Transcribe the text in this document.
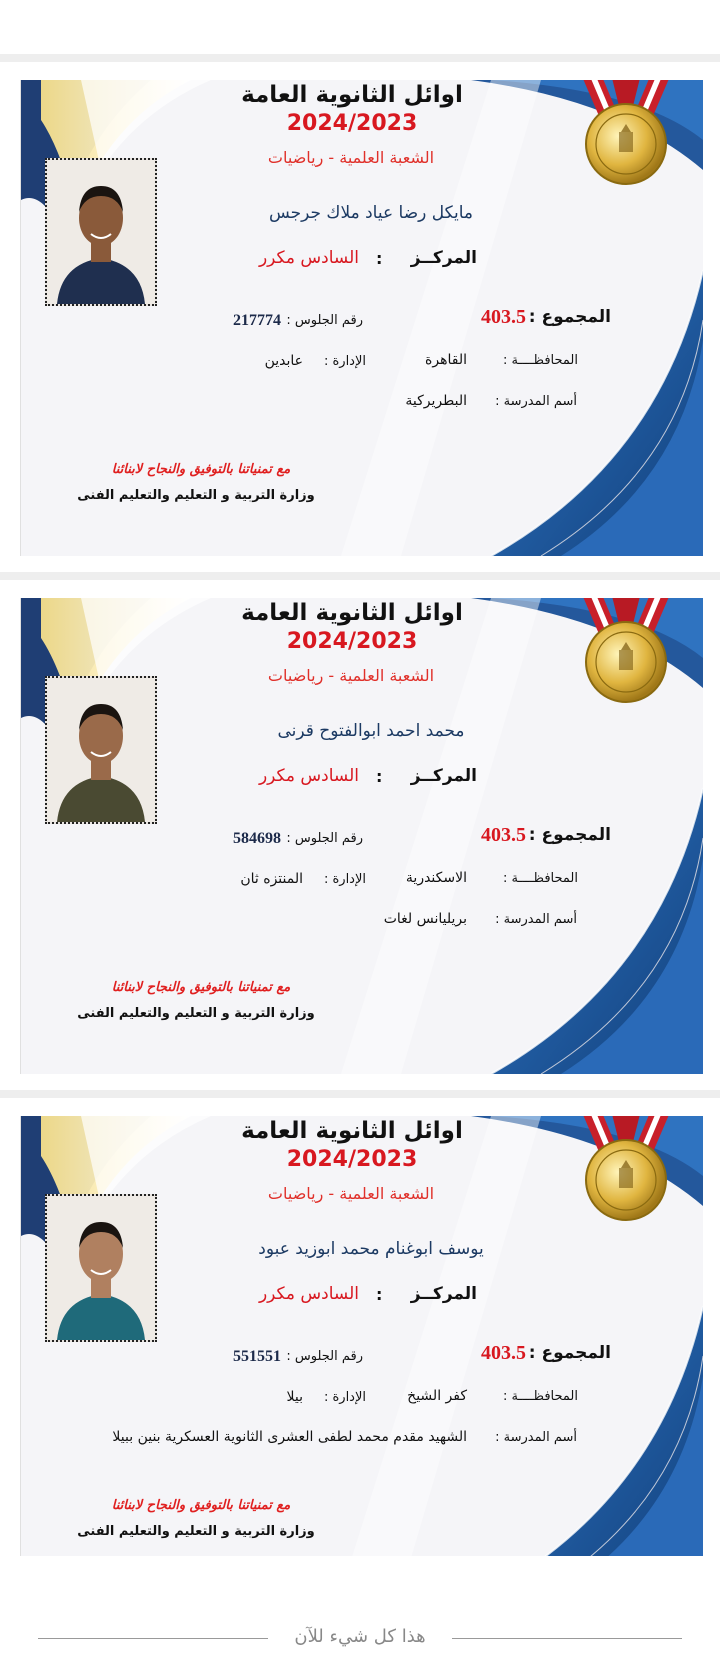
اوائل الثانوية العامة
2024/2023
الشعبة العلمية - رياضيات
مايكل رضا عياد ملاك جرجس
المركــز
:
السادس مكرر
المجموع :
403.5
رقم الجلوس :
217774
المحافظــــة :
القاهرة
الإدارة :
عابدين
أسم المدرسة :
البطريركية
مع تمنياتنا بالتوفيق والنجاح لابنائنا
وزارة التربية و التعليم والتعليم الفنى
اوائل الثانوية العامة
2024/2023
الشعبة العلمية - رياضيات
محمد احمد ابوالفتوح قرنى
المركــز
:
السادس مكرر
المجموع :
403.5
رقم الجلوس :
584698
المحافظــــة :
الاسكندرية
الإدارة :
المنتزه ثان
أسم المدرسة :
بريليانس لغات
مع تمنياتنا بالتوفيق والنجاح لابنائنا
وزارة التربية و التعليم والتعليم الفنى
اوائل الثانوية العامة
2024/2023
الشعبة العلمية - رياضيات
يوسف ابوغنام محمد ابوزيد عبود
المركــز
:
السادس مكرر
المجموع :
403.5
رقم الجلوس :
551551
المحافظــــة :
كفر الشيخ
الإدارة :
بيلا
أسم المدرسة :
الشهيد مقدم محمد لطفى العشرى الثانوية العسكرية بنين ببيلا
مع تمنياتنا بالتوفيق والنجاح لابنائنا
وزارة التربية و التعليم والتعليم الفنى
هذا كل شيء للآن
